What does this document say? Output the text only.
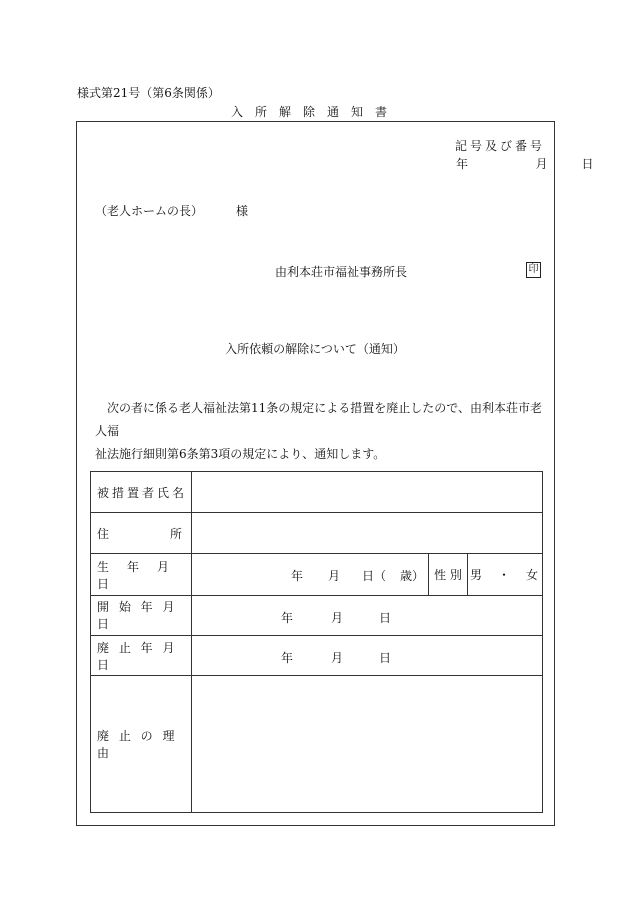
様式第21号（第6条関係）
入所解除通知書
記号及び番号
年	月	日
（老人ホームの長）	様
由利本荘市福祉事務所長	印
入所依頼の解除について（通知）

　次の者に係る老人福祉法第11条の規定による措置を廃止したので、由利本荘市老人福

祉法施行細則第6条第3項の規定により、通知します。

被措置者氏名			

住 所			

生　年　月　日	年 月 日（ 歳）	性 別	男　・　女
開 始 年 月 日	年 月 日		

廃 止 年 月 日	年 月 日		

廃 止 の 理 由			
